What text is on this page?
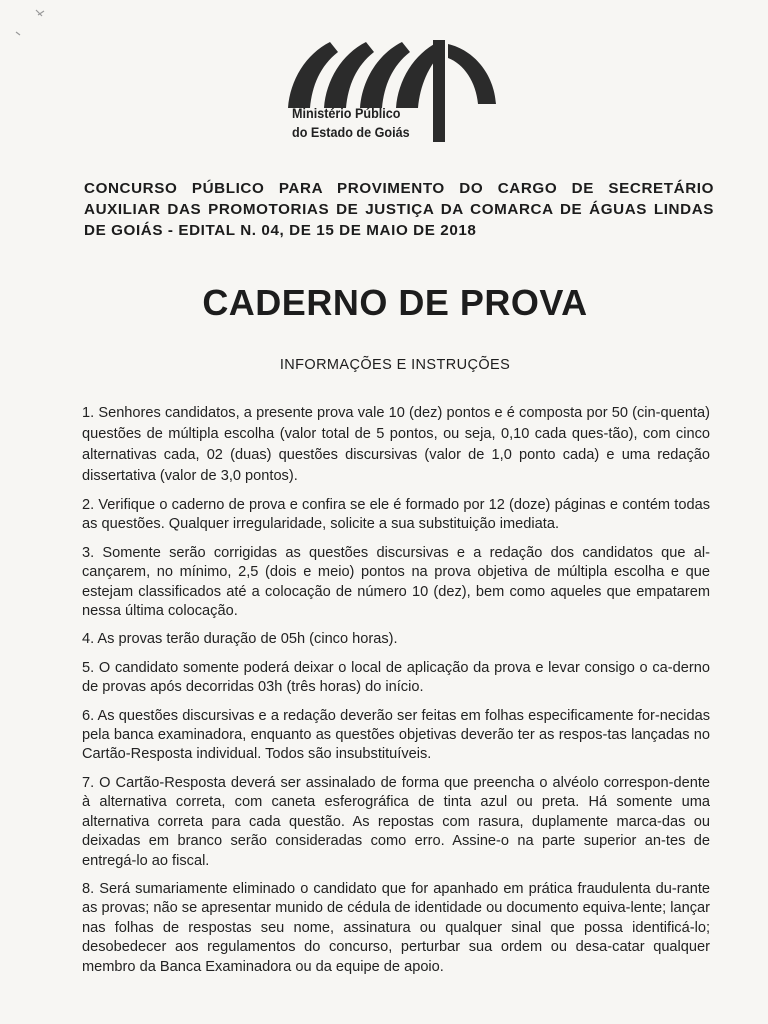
Ministério Público
do Estado de Goiás
CONCURSO PÚBLICO PARA PROVIMENTO DO CARGO DE SECRETÁRIO AUXILIAR DAS PROMOTORIAS DE JUSTIÇA DA COMARCA DE ÁGUAS LINDAS DE GOIÁS - EDITAL N. 04, DE 15 DE MAIO DE 2018
CADERNO DE PROVA
INFORMAÇÕES E INSTRUÇÕES

1. Senhores candidatos, a presente prova vale 10 (dez) pontos e é composta por 50 (cin-quenta) questões de múltipla escolha (valor total de 5 pontos, ou seja, 0,10 cada ques-tão), com cinco alternativas cada, 02 (duas) questões discursivas (valor de 1,0 ponto cada) e uma redação dissertativa (valor de 3,0 pontos).

2. Verifique o caderno de prova e confira se ele é formado por 12 (doze) páginas e contém todas as questões. Qualquer irregularidade, solicite a sua substituição imediata.

3. Somente serão corrigidas as questões discursivas e a redação dos candidatos que al-cançarem, no mínimo, 2,5 (dois e meio) pontos na prova objetiva de múltipla escolha e que estejam classificados até a colocação de número 10 (dez), bem como aqueles que empatarem nessa última colocação.

4. As provas terão duração de 05h (cinco horas).

5. O candidato somente poderá deixar o local de aplicação da prova e levar consigo o ca-derno de provas após decorridas 03h (três horas) do início.

6. As questões discursivas e a redação deverão ser feitas em folhas especificamente for-necidas pela banca examinadora, enquanto as questões objetivas deverão ter as respos-tas lançadas no Cartão-Resposta individual. Todos são insubstituíveis.

7. O Cartão-Resposta deverá ser assinalado de forma que preencha o alvéolo correspon-dente à alternativa correta, com caneta esferográfica de tinta azul ou preta. Há somente uma alternativa correta para cada questão. As repostas com rasura, duplamente marca-das ou deixadas em branco serão consideradas como erro. Assine-o na parte superior an-tes de entregá-lo ao fiscal.

8. Será sumariamente eliminado o candidato que for apanhado em prática fraudulenta du-rante as provas; não se apresentar munido de cédula de identidade ou documento equiva-lente; lançar nas folhas de respostas seu nome, assinatura ou qualquer sinal que possa identificá-lo; desobedecer aos regulamentos do concurso, perturbar sua ordem ou desa-catar qualquer membro da Banca Examinadora ou da equipe de apoio.
